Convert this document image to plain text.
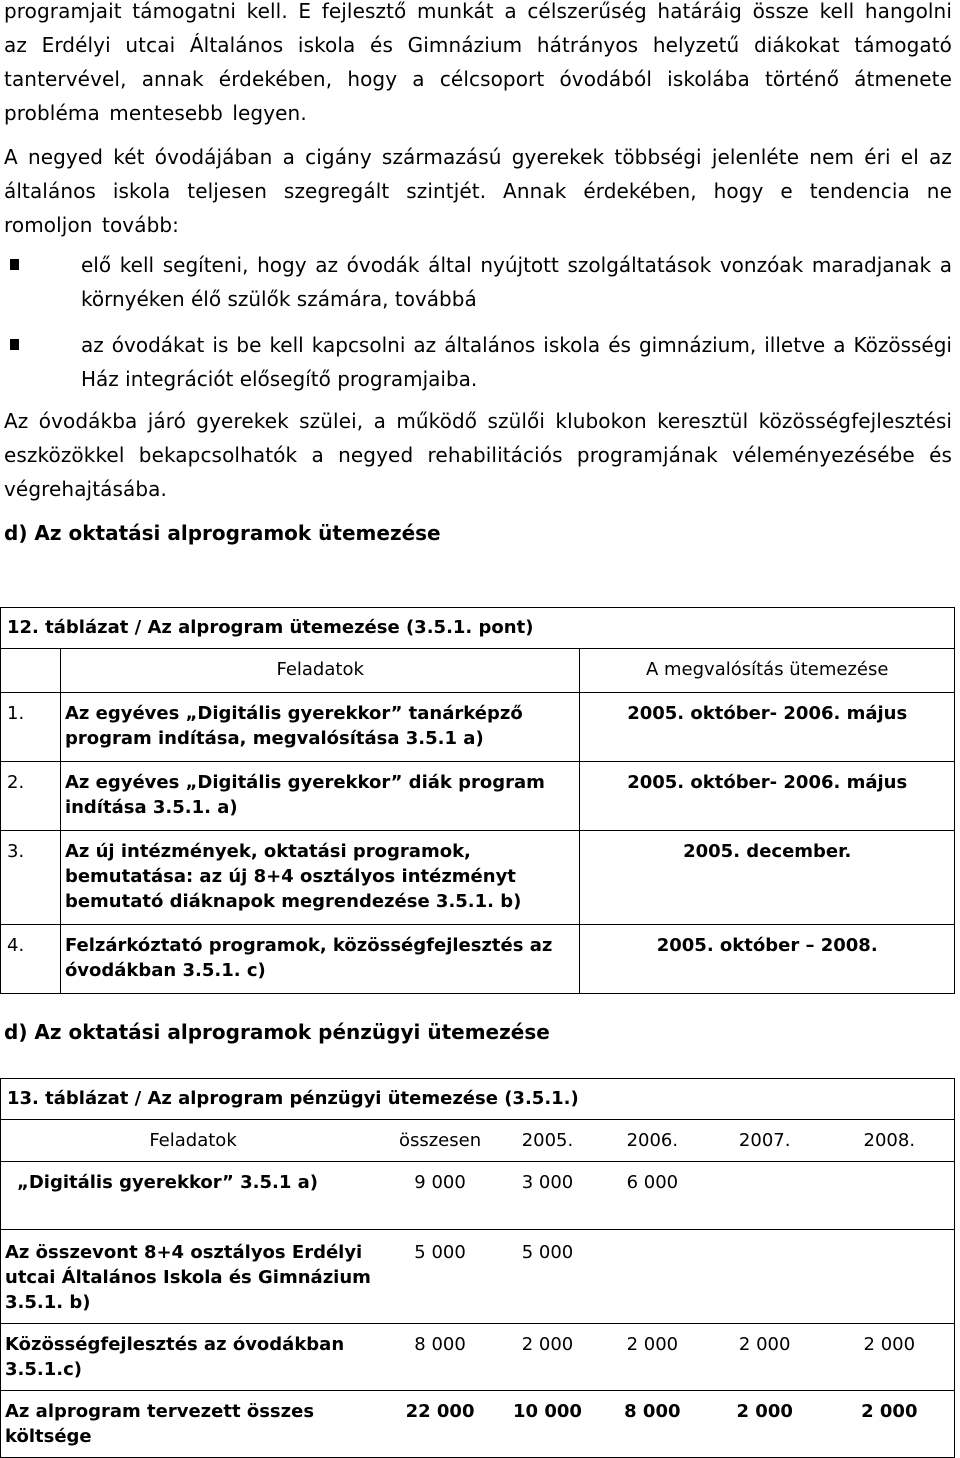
programjait támogatni kell. E fejlesztő munkát a célszerűség határáig össze kell hangolni az Erdélyi utcai Általános iskola és Gimnázium hátrányos helyzetű diákokat támogató tantervével, annak érdekében, hogy a célcsoport óvodából iskolába történő átmenete probléma mentesebb legyen.

A negyed két óvodájában a cigány származású gyerekek többségi jelenléte nem éri el az általános iskola teljesen szegregált szintjét. Annak érdekében, hogy e tendencia ne romoljon tovább:

elő kell segíteni, hogy az óvodák által nyújtott szolgáltatások vonzóak maradjanak a környéken élő szülők számára, továbbá
az óvodákat is be kell kapcsolni az általános iskola és gimnázium, illetve a Közösségi Ház integrációt elősegítő programjaiba.

Az óvodákba járó gyerekek szülei, a működő szülői klubokon keresztül közösségfejlesztési eszközökkel bekapcsolhatók a negyed rehabilitációs programjának véleményezésébe és végrehajtásába.

d) Az oktatási alprogramok ütemezése

12. táblázat / Az alprogram ütemezése (3.5.1. pont)		
	Feladatok	A megvalósítás ütemezése
1.	Az egyéves „Digitális gyerekkor” tanárképző program indítása, megvalósítása 3.5.1 a)	2005. október- 2006. május
2.	Az egyéves „Digitális gyerekkor” diák program indítása 3.5.1. a)	2005. október- 2006. május
3.	Az új intézmények, oktatási programok, bemutatása: az új 8+4 osztályos intézményt bemutató diáknapok megrendezése 3.5.1. b)	2005. december.
4.	Felzárkóztató programok, közösségfejlesztés az óvodákban 3.5.1. c)	2005. október – 2008.

d) Az oktatási alprogramok pénzügyi ütemezése

13. táblázat / Az alprogram pénzügyi ütemezése (3.5.1.)					
Feladatok	összesen	2005.	2006.	2007.	2008.
„Digitális gyerekkor” 3.5.1 a)	9 000	3 000	6 000		
Az összevont 8+4 osztályos Erdélyi utcai Általános Iskola és Gimnázium 3.5.1. b)	5 000	5 000			
Közösségfejlesztés az óvodákban 3.5.1.c)	8 000	2 000	2 000	2 000	2 000
Az alprogram tervezett összes költsége	22 000	10 000	8 000	2 000	2 000
